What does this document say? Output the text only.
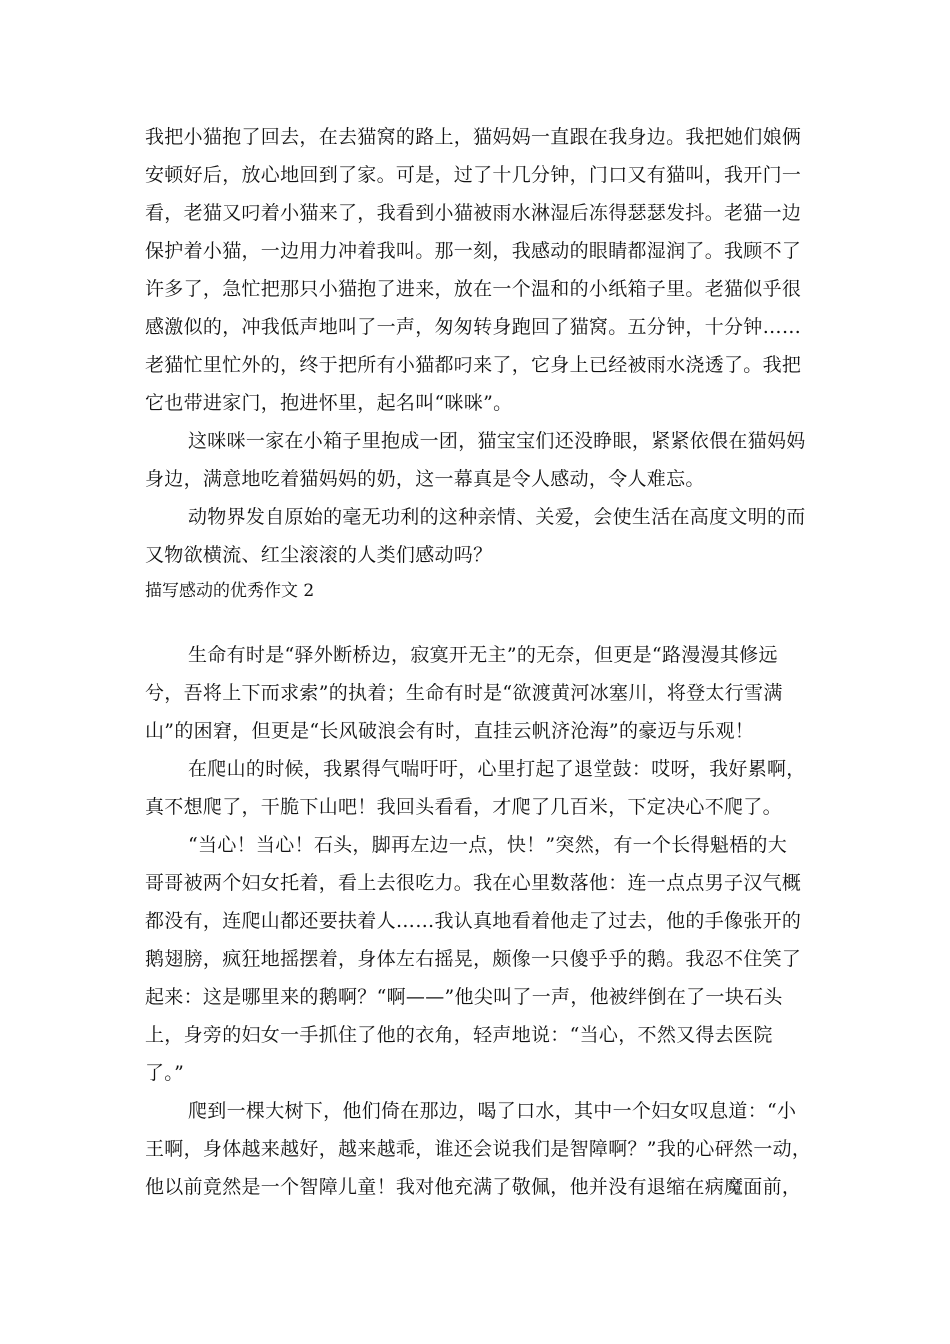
我把小猫抱了回去，在去猫窝的路上，猫妈妈一直跟在我身边。我把她们娘俩
安顿好后，放心地回到了家。可是，过了十几分钟，门口又有猫叫，我开门一
看，老猫又叼着小猫来了，我看到小猫被雨水淋湿后冻得瑟瑟发抖。老猫一边
保护着小猫，一边用力冲着我叫。那一刻，我感动的眼睛都湿润了。我顾不了
许多了，急忙把那只小猫抱了进来，放在一个温和的小纸箱子里。老猫似乎很
感激似的，冲我低声地叫了一声，匆匆转身跑回了猫窝。五分钟，十分钟……
老猫忙里忙外的，终于把所有小猫都叼来了，它身上已经被雨水浇透了。我把
它也带进家门，抱进怀里，起名叫“咪咪”。
这咪咪一家在小箱子里抱成一团，猫宝宝们还没睁眼，紧紧依偎在猫妈妈
身边，满意地吃着猫妈妈的奶，这一幕真是令人感动，令人难忘。
动物界发自原始的毫无功利的这种亲情、关爱，会使生活在高度文明的而
又物欲横流、红尘滚滚的人类们感动吗？
描写感动的优秀作文 2
生命有时是“驿外断桥边，寂寞开无主”的无奈，但更是“路漫漫其修远
兮，吾将上下而求索”的执着；生命有时是“欲渡黄河冰塞川，将登太行雪满
山”的困窘，但更是“长风破浪会有时，直挂云帆济沧海”的豪迈与乐观！
在爬山的时候，我累得气喘吁吁，心里打起了退堂鼓：哎呀，我好累啊，
真不想爬了，干脆下山吧！我回头看看，才爬了几百米，下定决心不爬了。
“当心！当心！石头，脚再左边一点，快！”突然，有一个长得魁梧的大
哥哥被两个妇女托着，看上去很吃力。我在心里数落他：连一点点男子汉气概
都没有，连爬山都还要扶着人……我认真地看着他走了过去，他的手像张开的
鹅翅膀，疯狂地摇摆着，身体左右摇晃，颇像一只傻乎乎的鹅。我忍不住笑了
起来：这是哪里来的鹅啊？“啊——”他尖叫了一声，他被绊倒在了一块石头
上，身旁的妇女一手抓住了他的衣角，轻声地说：“当心，不然又得去医院
了。”
爬到一棵大树下，他们倚在那边，喝了口水，其中一个妇女叹息道：“小
王啊，身体越来越好，越来越乖，谁还会说我们是智障啊？”我的心砰然一动，
他以前竟然是一个智障儿童！我对他充满了敬佩，他并没有退缩在病魔面前，
